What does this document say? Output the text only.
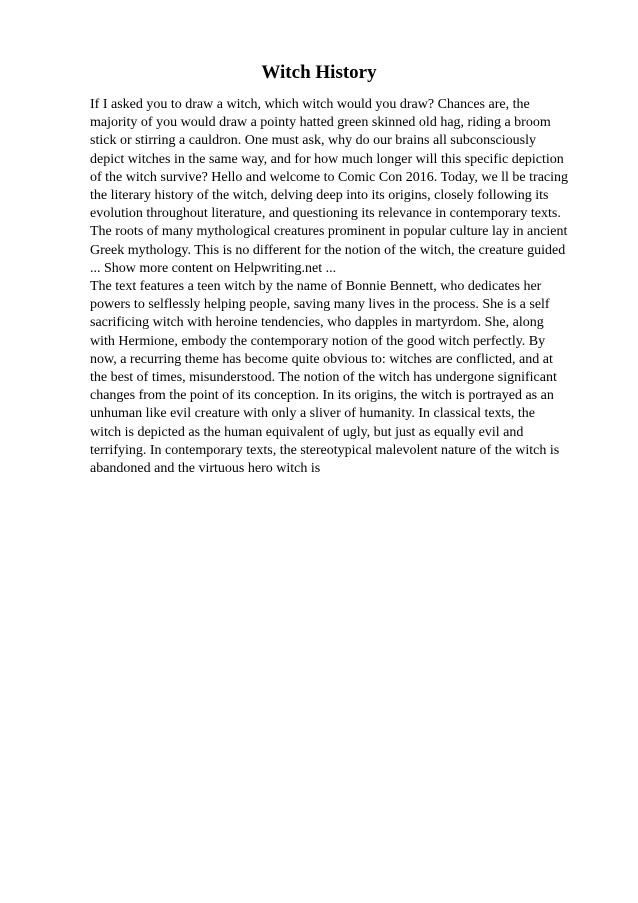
Witch History
If I asked you to draw a witch, which witch would you draw? Chances are, the
majority of you would draw a pointy hatted green skinned old hag, riding a broom
stick or stirring a cauldron. One must ask, why do our brains all subconsciously
depict witches in the same way, and for how much longer will this specific depiction
of the witch survive? Hello and welcome to Comic Con 2016. Today, we ll be tracing
the literary history of the witch, delving deep into its origins, closely following its
evolution throughout literature, and questioning its relevance in contemporary texts.
The roots of many mythological creatures prominent in popular culture lay in ancient
Greek mythology. This is no different for the notion of the witch, the creature guided
... Show more content on Helpwriting.net ...
The text features a teen witch by the name of Bonnie Bennett, who dedicates her
powers to selflessly helping people, saving many lives in the process. She is a self
sacrificing witch with heroine tendencies, who dapples in martyrdom. She, along
with Hermione, embody the contemporary notion of the good witch perfectly. By
now, a recurring theme has become quite obvious to: witches are conflicted, and at
the best of times, misunderstood. The notion of the witch has undergone significant
changes from the point of its conception. In its origins, the witch is portrayed as an
unhuman like evil creature with only a sliver of humanity. In classical texts, the
witch is depicted as the human equivalent of ugly, but just as equally evil and
terrifying. In contemporary texts, the stereotypical malevolent nature of the witch is
abandoned and the virtuous hero witch is
